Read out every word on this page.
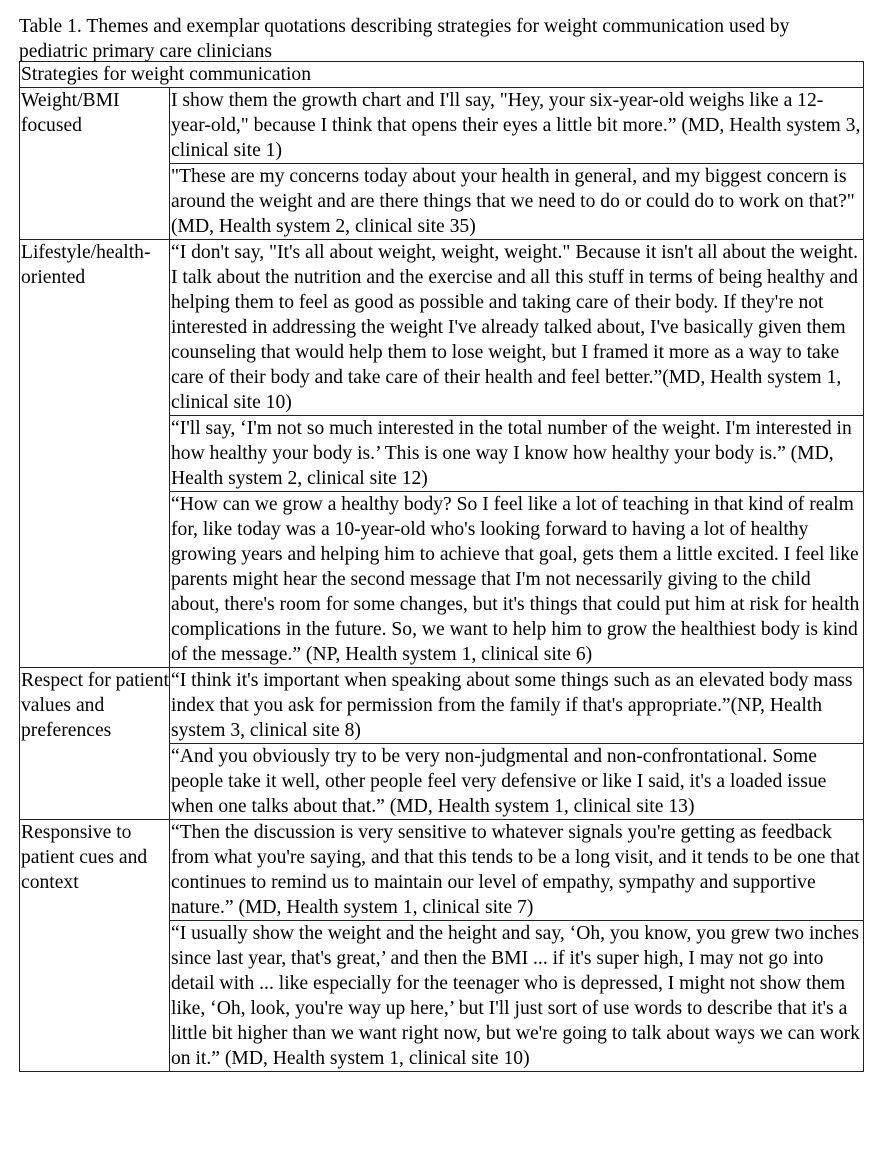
Table 1. Themes and exemplar quotations describing strategies for weight communication used by pediatric primary care clinicians
Strategies for weight communication	
Weight/BMI focused	I show them the growth chart and I'll say, "Hey, your six-year-old weighs like a 12-year-old," because I think that opens their eyes a little bit more.” (MD, Health system 3, clinical site 1)
	"These are my concerns today about your health in general, and my biggest concern is around the weight and are there things that we need to do or could do to work on that?"(MD, Health system 2, clinical site 35)
Lifestyle/health-oriented	“I don't say, "It's all about weight, weight, weight." Because it isn't all about the weight. I talk about the nutrition and the exercise and all this stuff in terms of being healthy and helping them to feel as good as possible and taking care of their body. If they're not interested in addressing the weight I've already talked about, I've basically given them counseling that would help them to lose weight, but I framed it more as a way to take care of their body and take care of their health and feel better.”(MD, Health system 1, clinical site 10)
	“I'll say, ‘I'm not so much interested in the total number of the weight. I'm interested in how healthy your body is.’ This is one way I know how healthy your body is.” (MD, Health system 2, clinical site 12)
	“How can we grow a healthy body? So I feel like a lot of teaching in that kind of realm for, like today was a 10-year-old who's looking forward to having a lot of healthy growing years and helping him to achieve that goal, gets them a little excited. I feel like parents might hear the second message that I'm not necessarily giving to the child about, there's room for some changes, but it's things that could put him at risk for health complications in the future. So, we want to help him to grow the healthiest body is kind of the message.” (NP, Health system 1, clinical site 6)
Respect for patient values and preferences	“I think it's important when speaking about some things such as an elevated body mass index that you ask for permission from the family if that's appropriate.”(NP, Health system 3, clinical site 8)
	“And you obviously try to be very non-judgmental and non-confrontational. Some people take it well, other people feel very defensive or like I said, it's a loaded issue when one talks about that.” (MD, Health system 1, clinical site 13)
Responsive to patient cues and context	“Then the discussion is very sensitive to whatever signals you're getting as feedback from what you're saying, and that this tends to be a long visit, and it tends to be one that continues to remind us to maintain our level of empathy, sympathy and supportive nature.” (MD, Health system 1, clinical site 7)
	“I usually show the weight and the height and say, ‘Oh, you know, you grew two inches since last year, that's great,’ and then the BMI ... if it's super high, I may not go into detail with ... like especially for the teenager who is depressed, I might not show them like, ‘Oh, look, you're way up here,’ but I'll just sort of use words to describe that it's a little bit higher than we want right now, but we're going to talk about ways we can work on it.” (MD, Health system 1, clinical site 10)
